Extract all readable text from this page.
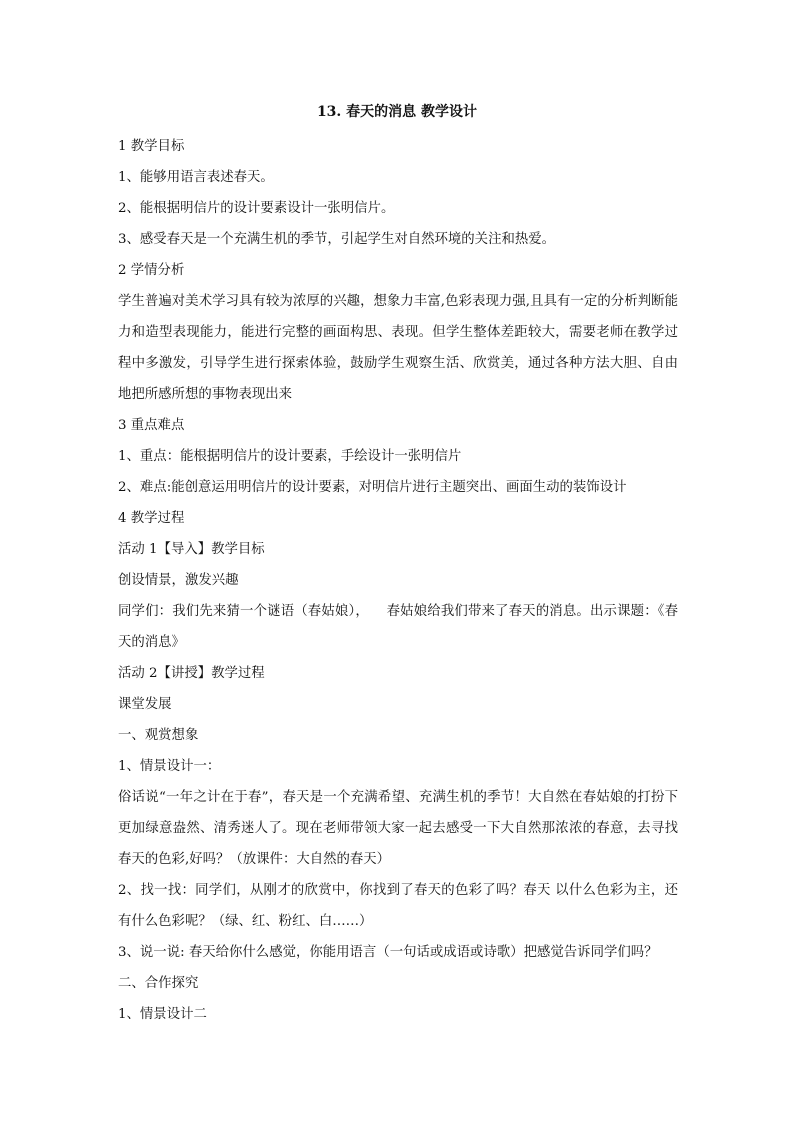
13. 春天的消息 教学设计

1 教学目标

1、能够用语言表述春天。

2、能根据明信片的设计要素设计一张明信片。

3、感受春天是一个充满生机的季节，引起学生对自然环境的关注和热爱。

2 学情分析

学生普遍对美术学习具有较为浓厚的兴趣，想象力丰富,色彩表现力强,且具有一定的分析判断能力和造型表现能力，能进行完整的画面构思、表现。但学生整体差距较大，需要老师在教学过程中多激发，引导学生进行探索体验，鼓励学生观察生活、欣赏美，通过各种方法大胆、自由地把所感所想的事物表现出来

3 重点难点

1、重点：能根据明信片的设计要素，手绘设计一张明信片

2、难点:能创意运用明信片的设计要素，对明信片进行主题突出、画面生动的装饰设计

4 教学过程

活动 1【导入】教学目标

创设情景，激发兴趣

同学们：我们先来猜一个谜语（春姑娘），    春姑娘给我们带来了春天的消息。出示课题：《春天的消息》

活动 2【讲授】教学过程

课堂发展

一、观赏想象

1、情景设计一：

俗话说“一年之计在于春”，春天是一个充满希望、充满生机的季节！大自然在春姑娘的打扮下更加绿意盎然、清秀迷人了。现在老师带领大家一起去感受一下大自然那浓浓的春意，去寻找春天的色彩,好吗？（放课件：大自然的春天）

2、找一找：同学们，从刚才的欣赏中，你找到了春天的色彩了吗？春天 以什么色彩为主，还有什么色彩呢？（绿、红、粉红、白……）

3、说一说: 春天给你什么感觉，你能用语言（一句话或成语或诗歌）把感觉告诉同学们吗？

二、合作探究

1、情景设计二
